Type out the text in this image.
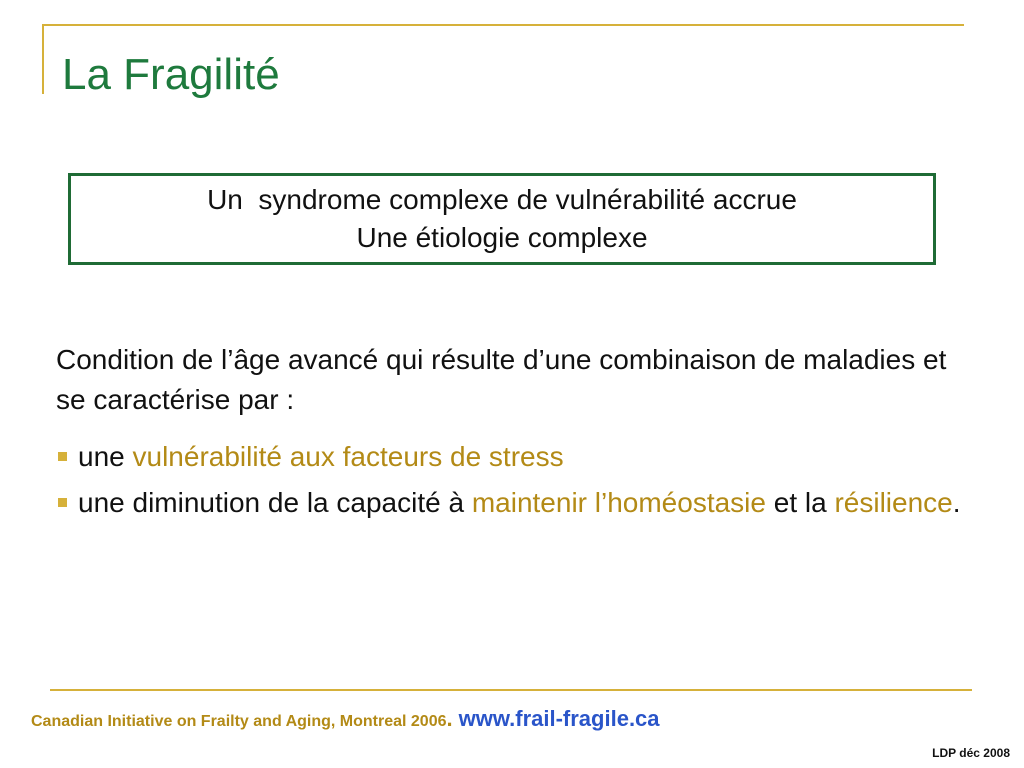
La Fragilité
Un  syndrome complexe de vulnérabilité accrue
Une étiologie complexe
Condition de l’âge avancé qui résulte d’une combinaison de maladies et se caractérise par :
une vulnérabilité aux facteurs de stress
une diminution de la capacité à maintenir l’homéostasie et la résilience.
Canadian Initiative on Frailty and Aging, Montreal 2006. www.frail-fragile.ca
LDP déc 2008
